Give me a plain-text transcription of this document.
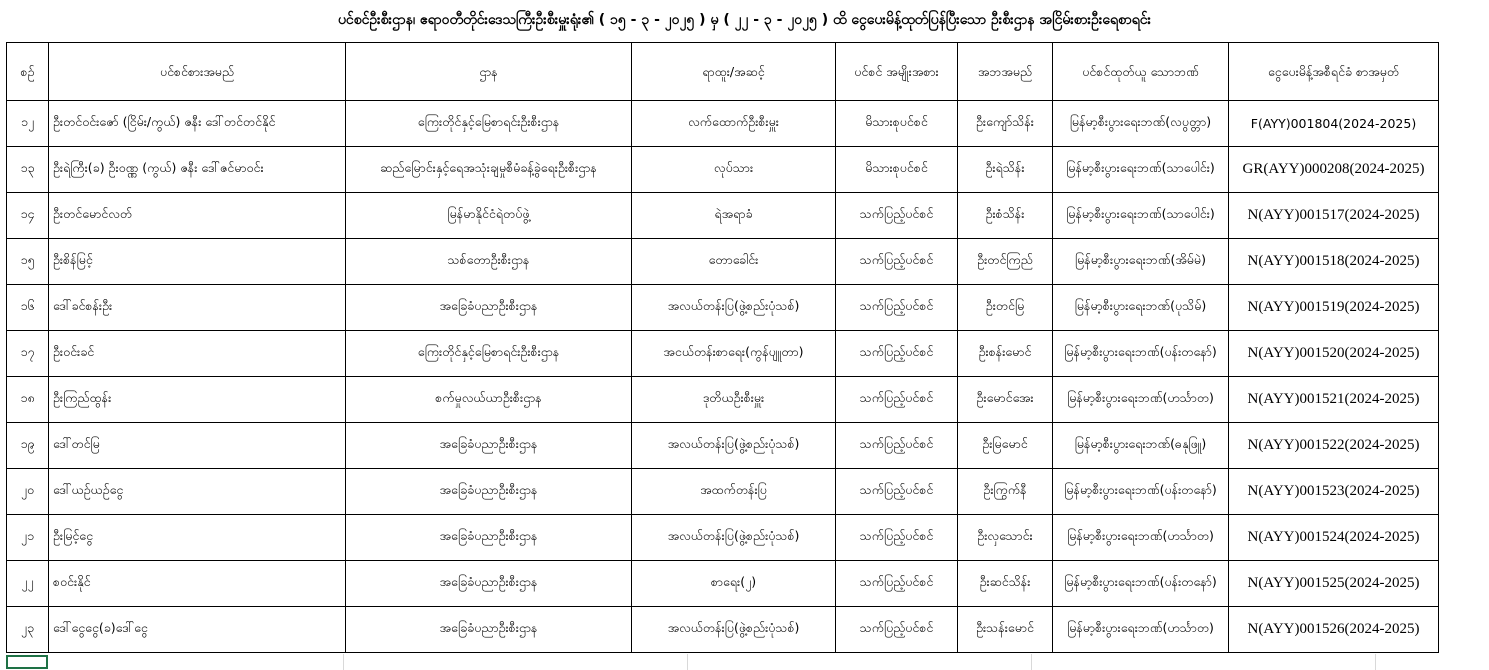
ပင်စင်ဦးစီးဌာန၊ ဧရာဝတီတိုင်းဒေသကြီးဦးစီးမှူးရုံး၏ ( ၁၅ - ၃ - ၂၀၂၅ ) မှ ( ၂၂ - ၃ - ၂၀၂၅ ) ထိ ငွေပေးမိန့်ထုတ်ပြန်ပြီးသော ဦးစီးဌာန အငြိမ်းစားဦးရေစာရင်း
စဉ်	ပင်စင်စားအမည်	ဌာန	ရာထူး/အဆင့်	ပင်စင် အမျိုးအစား	အဘအမည်	ပင်စင်ထုတ်ယူ သောဘဏ်	ငွေပေးမိန့်အစီရင်ခံ စာအမှတ်
၁၂	ဦးတင်ဝင်းဇော် (ငြိမ်း/ကွယ်) ဇနီး ဒေါ်တင်တင်နိုင်	ကြေးတိုင်နှင့်မြေစာရင်းဦးစီးဌာန	လက်ထောက်ဦးစီးမှူး	မိသားစုပင်စင်	ဦးကျော်သိန်း	မြန်မာ့စီးပွားရေးဘဏ်(လပွတ္တာ)	F(AYY)001804(2024-2025)
၁၃	ဦးရဲကြီး(ခ) ဦးဝဏ္ဏ (ကွယ်) ဇနီး ဒေါ်ဇင်မာဝင်း	ဆည်မြောင်းနှင့်ရေအသုံးချမှုစီမံခန့်ခွဲရေးဦးစီးဌာန	လုပ်သား	မိသားစုပင်စင်	ဦးရဲသိန်း	မြန်မာ့စီးပွားရေးဘဏ်(သာပေါင်း)	GR(AYY)000208(2024-2025)
၁၄	ဦးတင်မောင်လတ်	မြန်မာနိုင်ငံရဲတပ်ဖွဲ့	ရဲအရာခံ	သက်ပြည့်ပင်စင်	ဦးစံသိန်း	မြန်မာ့စီးပွားရေးဘဏ်(သာပေါင်း)	N(AYY)001517(2024-2025)
၁၅	ဦးစိန်မြင့်	သစ်တောဦးစီးဌာန	တောခေါင်း	သက်ပြည့်ပင်စင်	ဦးတင်ကြည်	မြန်မာ့စီးပွားရေးဘဏ်(အိမ်မဲ)	N(AYY)001518(2024-2025)
၁၆	ဒေါ်ခင်စန်းဦး	အခြေခံပညာဦးစီးဌာန	အလယ်တန်းပြ(ဖွဲ့စည်းပုံသစ်)	သက်ပြည့်ပင်စင်	ဦးတင်မြ	မြန်မာ့စီးပွားရေးဘဏ်(ပုသိမ်)	N(AYY)001519(2024-2025)
၁၇	ဦးဝင်းခင်	ကြေးတိုင်နှင့်မြေစာရင်းဦးစီးဌာန	အငယ်တန်းစာရေး(ကွန်ပျူတာ)	သက်ပြည့်ပင်စင်	ဦးစန်းမောင်	မြန်မာ့စီးပွားရေးဘဏ်(ပန်းတနော်)	N(AYY)001520(2024-2025)
၁၈	ဦးကြည်ထွန်း	စက်မှုလယ်ယာဦးစီးဌာန	ဒုတိယဦးစီးမှူး	သက်ပြည့်ပင်စင်	ဦးမောင်အေး	မြန်မာ့စီးပွားရေးဘဏ်(ဟင်္သာတ)	N(AYY)001521(2024-2025)
၁၉	ဒေါ်တင်မြ	အခြေခံပညာဦးစီးဌာန	အလယ်တန်းပြ(ဖွဲ့စည်းပုံသစ်)	သက်ပြည့်ပင်စင်	ဦးမြမောင်	မြန်မာ့စီးပွားရေးဘဏ်(ဓနုဖြူ)	N(AYY)001522(2024-2025)
၂၀	ဒေါ်ယဉ်ယဉ်ငွေ	အခြေခံပညာဦးစီးဌာန	အထက်တန်းပြ	သက်ပြည့်ပင်စင်	ဦးကြွက်နီ	မြန်မာ့စီးပွားရေးဘဏ်(ပန်းတနော်)	N(AYY)001523(2024-2025)
၂၁	ဦးမြင့်ငွေ	အခြေခံပညာဦးစီးဌာန	အလယ်တန်းပြ(ဖွဲ့စည်းပုံသစ်)	သက်ပြည့်ပင်စင်	ဦးလှသောင်း	မြန်မာ့စီးပွားရေးဘဏ်(ဟင်္သာတ)	N(AYY)001524(2024-2025)
၂၂	စဝင်းနိုင်	အခြေခံပညာဦးစီးဌာန	စာရေး(၂)	သက်ပြည့်ပင်စင်	ဦးဆင်သိန်း	မြန်မာ့စီးပွားရေးဘဏ်(ပန်းတနော်)	N(AYY)001525(2024-2025)
၂၃	ဒေါ်ငွေငွေ(ခ)ဒေါ်ငွေ	အခြေခံပညာဦးစီးဌာန	အလယ်တန်းပြ(ဖွဲ့စည်းပုံသစ်)	သက်ပြည့်ပင်စင်	ဦးသန်းမောင်	မြန်မာ့စီးပွားရေးဘဏ်(ဟင်္သာတ)	N(AYY)001526(2024-2025)
